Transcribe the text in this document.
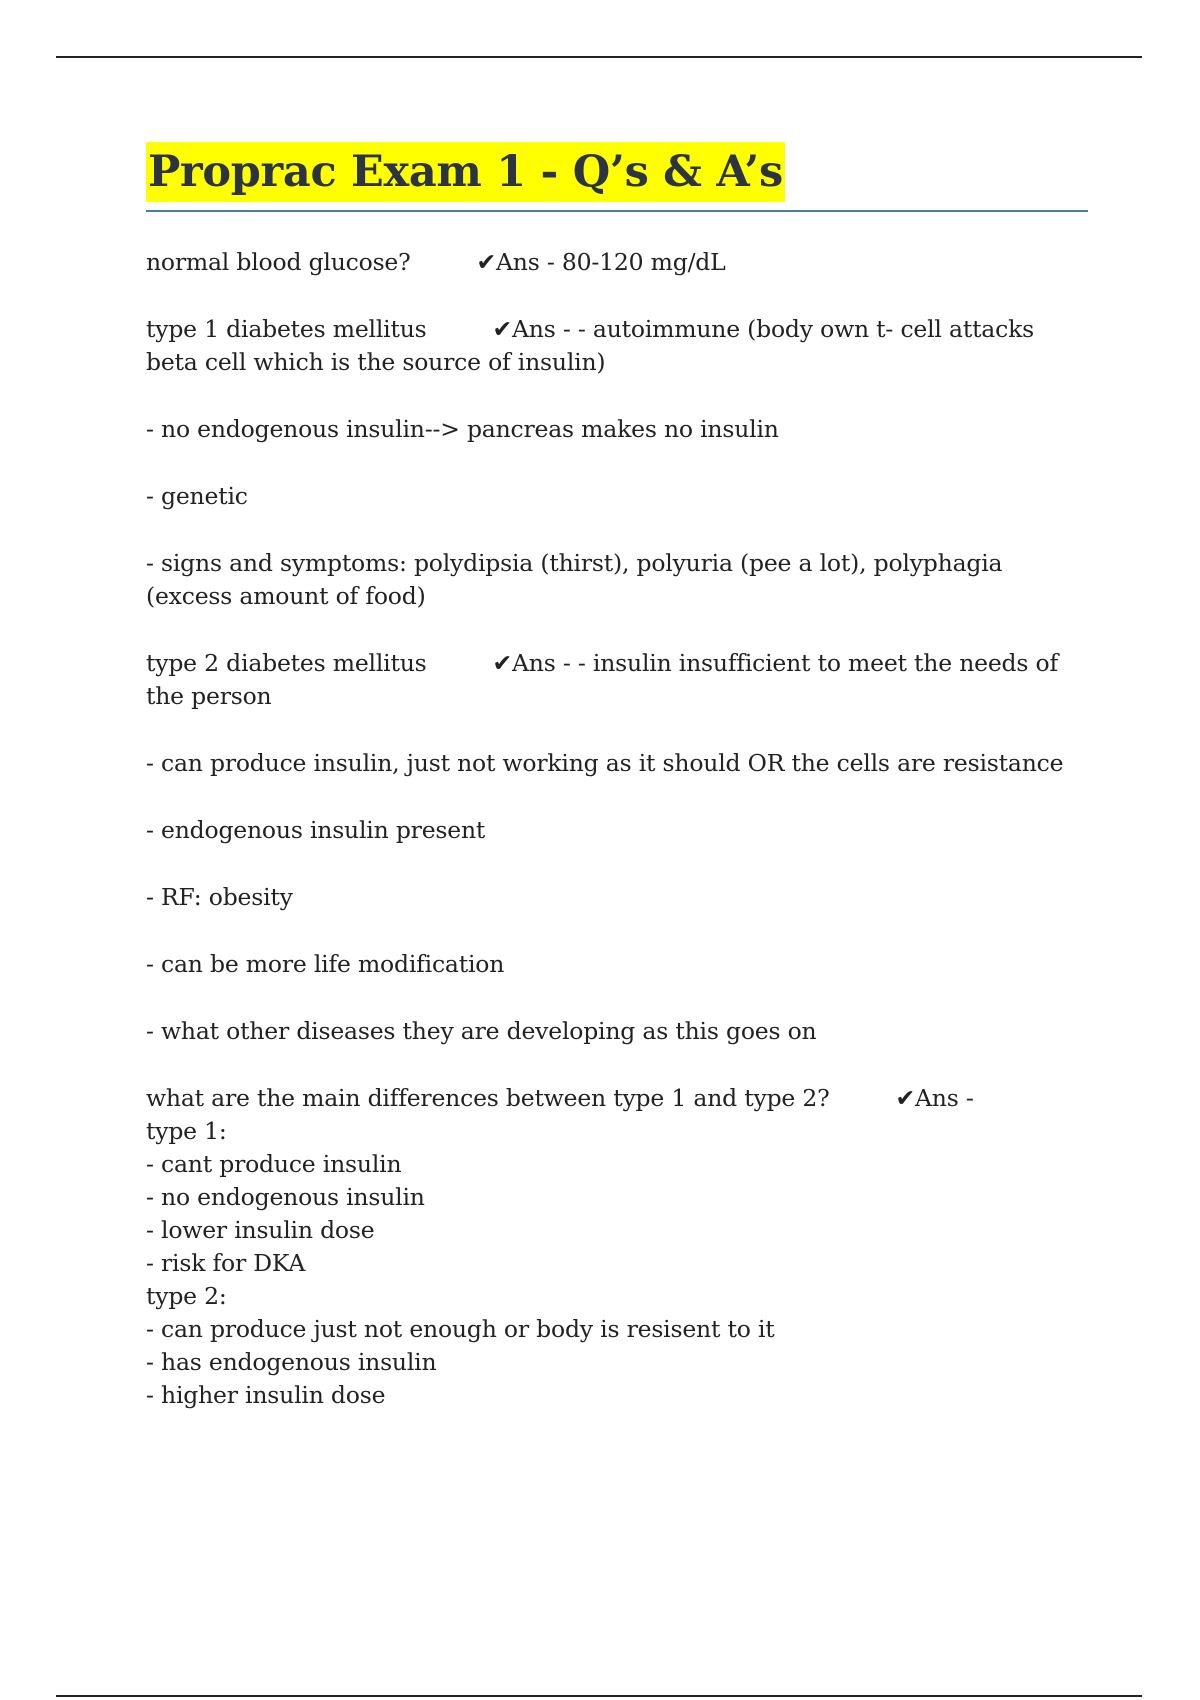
Proprac Exam 1 - Q’s & A’s

normal blood glucose?	✔Ans - 80-120 mg/dL

type 1 diabetes mellitus	✔Ans - - autoimmune (body own t- cell attacks beta cell which is the source of insulin)

- no endogenous insulin--> pancreas makes no insulin

- genetic

- signs and symptoms: polydipsia (thirst), polyuria (pee a lot), polyphagia (excess amount of food)

type 2 diabetes mellitus	✔Ans - - insulin insufficient to meet the needs of the person

- can produce insulin, just not working as it should OR the cells are resistance

- endogenous insulin present

- RF: obesity

- can be more life modification

- what other diseases they are developing as this goes on

what are the main differences between type 1 and type 2?	✔Ans -

type 1:
- cant produce insulin
- no endogenous insulin
- lower insulin dose
- risk for DKA
type 2:
- can produce just not enough or body is resisent to it
- has endogenous insulin
- higher insulin dose
